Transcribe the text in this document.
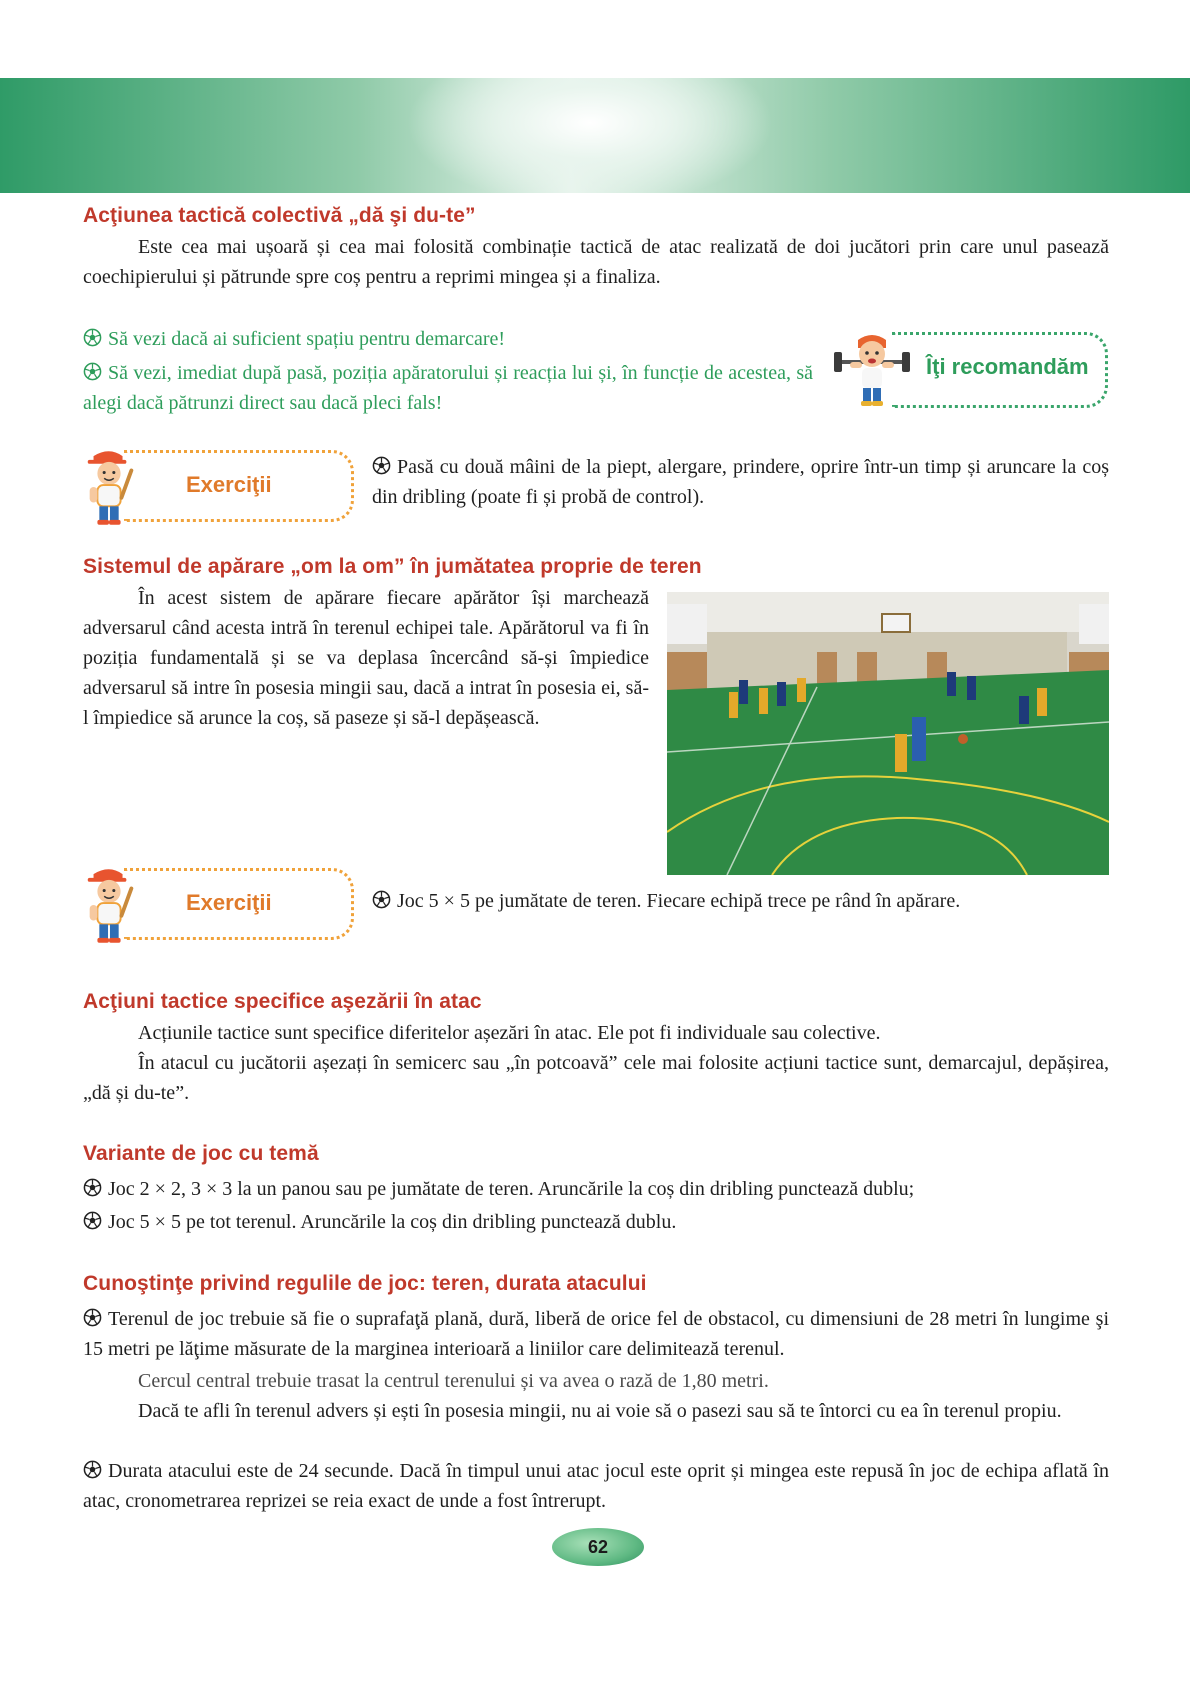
Acţiunea tactică colectivă „dă şi du-te”

Este cea mai ușoară și cea mai folosită combinație tactică de atac realizată de doi jucători prin care unul pasează coechipierului și pătrunde spre coș pentru a reprimi mingea și a finaliza.

Să vezi dacă ai suficient spațiu pentru demarcare!

Să vezi, imediat după pasă, poziția apăratorului și reacția lui și, în funcție de acestea, să alegi dacă pătrunzi direct sau dacă pleci fals!

Îţi recomandăm
Exerciţii

Pasă cu două mâini de la piept, alergare, prindere, oprire într-un timp și aruncare la coș din dribling (poate fi și probă de control).

Sistemul de apărare „om la om” în jumătatea proprie de teren

În acest sistem de apărare fiecare apărător își marchează adversarul când acesta intră în terenul echipei tale. Apărătorul va fi în poziția fundamentală și se va deplasa încercând să-și împiedice adversarul să intre în posesia mingii sau, dacă a intrat în posesia ei, să-l împiedice să arunce la coș, să paseze și să-l depășească.

Exerciţii	Joc 5 × 5 pe jumătate de teren. Fiecare echipă trece pe rând în apărare.

Acţiuni tactice specifice aşezării în atac

Acțiunile tactice sunt specifice diferitelor așezări în atac. Ele pot fi individuale sau colective.

În atacul cu jucătorii așezați în semicerc sau „în potcoavă” cele mai folosite acțiuni tactice sunt, demarcajul, depășirea, „dă și du-te”.

Variante de joc cu temă

Joc 2 × 2, 3 × 3 la un panou sau pe jumătate de teren. Aruncările la coș din dribling punctează dublu;

Joc 5 × 5 pe tot terenul. Aruncările la coș din dribling punctează dublu.

Cunoştinţe privind regulile de joc: teren, durata atacului

Terenul de joc trebuie să fie o suprafaţă plană, dură, liberă de orice fel de obstacol, cu dimensiuni de 28 metri în lungime şi 15 metri pe lăţime măsurate de la marginea interioară a liniilor care delimitează terenul.

Cercul central trebuie trasat la centrul terenului și va avea o rază de 1,80 metri.

Dacă te afli în terenul advers și ești în posesia mingii, nu ai voie să o pasezi sau să te întorci cu ea în terenul propiu.

Durata atacului este de 24 secunde. Dacă în timpul unui atac jocul este oprit și mingea este repusă în joc de echipa aflată în atac, cronometrarea reprizei se reia exact de unde a fost întrerupt.

62
